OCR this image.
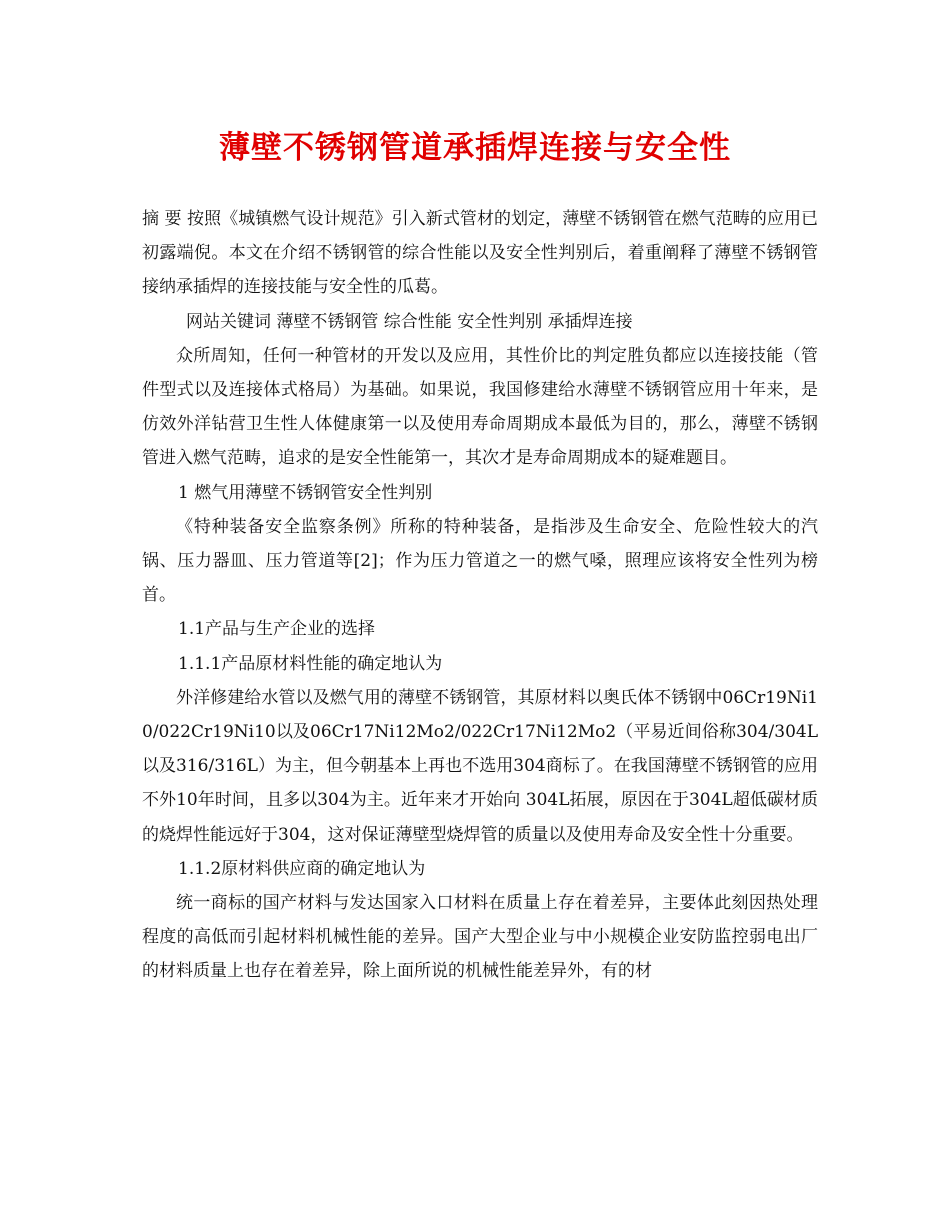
薄壁不锈钢管道承插焊连接与安全性

摘 要 按照《城镇燃气设计规范》引入新式管材的划定，薄壁不锈钢管在燃气范畴的应用已初露端倪。本文在介绍不锈钢管的综合性能以及安全性判别后，着重阐释了薄壁不锈钢管接纳承插焊的连接技能与安全性的瓜葛。

网站关键词 薄壁不锈钢管 综合性能 安全性判别 承插焊连接

众所周知，任何一种管材的开发以及应用，其性价比的判定胜负都应以连接技能（管件型式以及连接体式格局）为基础。如果说，我国修建给水薄壁不锈钢管应用十年来，是仿效外洋钻营卫生性人体健康第一以及使用寿命周期成本最低为目的，那么，薄壁不锈钢管进入燃气范畴，追求的是安全性能第一，其次才是寿命周期成本的疑难题目。

1 燃气用薄壁不锈钢管安全性判别

《特种装备安全监察条例》所称的特种装备，是指涉及生命安全、危险性较大的汽锅、压力器皿、压力管道等[2]；作为压力管道之一的燃气嗓，照理应该将安全性列为榜首。

1.1产品与生产企业的选择

1.1.1产品原材料性能的确定地认为

外洋修建给水管以及燃气用的薄壁不锈钢管，其原材料以奥氏体不锈钢中06Cr19Ni10/022Cr19Ni10以及06Cr17Ni12Mo2/022Cr17Ni12Mo2（平易近间俗称304/304L以及316/316L）为主，但今朝基本上再也不选用304商标了。在我国薄壁不锈钢管的应用不外10年时间，且多以304为主。近年来才开始向 304L拓展，原因在于304L超低碳材质的烧焊性能远好于304，这对保证薄壁型烧焊管的质量以及使用寿命及安全性十分重要。

1.1.2原材料供应商的确定地认为

统一商标的国产材料与发达国家入口材料在质量上存在着差异，主要体此刻因热处理程度的高低而引起材料机械性能的差异。国产大型企业与中小规模企业安防监控弱电出厂的材料质量上也存在着差异，除上面所说的机械性能差异外，有的材
